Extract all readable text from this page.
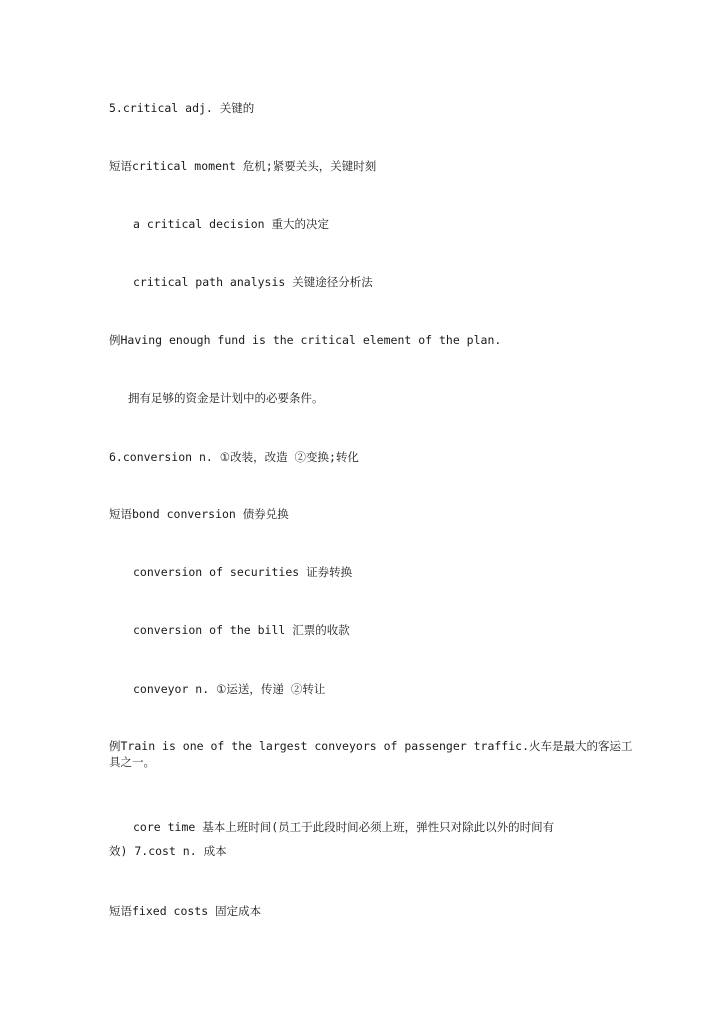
5.critical adj. 关键的
短语critical moment 危机;紧要关头，关键时刻
a critical decision 重大的决定
critical path analysis 关键途径分析法
例Having enough fund is the critical element of the plan.
拥有足够的资金是计划中的必要条件。
6.conversion n. ①改装，改造 ②变换;转化
短语bond conversion 债券兑换
conversion of securities 证券转换
conversion of the bill 汇票的收款
conveyor n. ①运送，传递 ②转让
例Train is one of the largest conveyors of passenger traffic.火车是最大的客运工
具之一。
core time 基本上班时间(员工于此段时间必须上班，弹性只对除此以外的时间有
效) 7.cost n. 成本
短语fixed costs 固定成本
